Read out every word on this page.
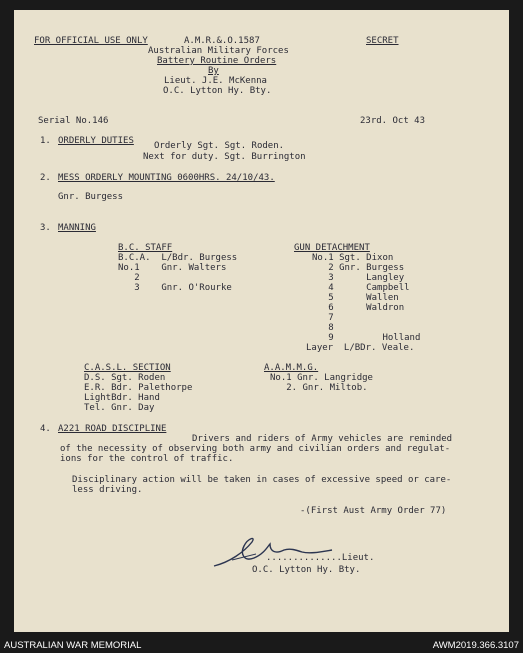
FOR OFFICIAL USE ONLY	A.M.R.&.O.1587	SECRET
Australian Military Forces
Battery Routine Orders
By
Lieut. J.E. McKenna
O.C. Lytton Hy. Bty.
Serial No.146	23rd. Oct 43
1. ORDERLY DUTIES Orderly Sgt. Sgt. Roden.
Next for duty. Sgt. Burrington
2. MESS ORDERLY MOUNTING 0600HRS. 24/10/43.
Gnr. Burgess
3. MANNING
B.C. STAFF
B.C.A.  L/Bdr. Burgess
No.1    Gnr. Walters
2
3    Gnr. O'Rourke
GUN DETACHMENT
No.1 Sgt. Dixon
2 Gnr. Burgess
3      Langley
4      Campbell
5      Wallen
6      Waldron
7
8
9         Holland
Layer  L/BDr. Veale.
C.A.S.L. SECTION
D.S. Sgt. Roden
E.R. Bdr. Palethorpe
LightBdr. Hand
Tel. Gnr. Day
A.A.M.M.G.
No.1 Gnr. Langridge
2. Gnr. Miltob.
4. A221 ROAD DISCIPLINE
Drivers and riders of Army vehicles are reminded
of the necessity of observing both army and civilian orders and regulat-
ions for the control of traffic.
Disciplinary action will be taken in cases of excessive speed or care-
less driving.
-(First Aust Army Order 77)
..............Lieut.
O.C. Lytton Hy. Bty.
AUSTRALIAN WAR MEMORIAL	AWM2019.366.3107
